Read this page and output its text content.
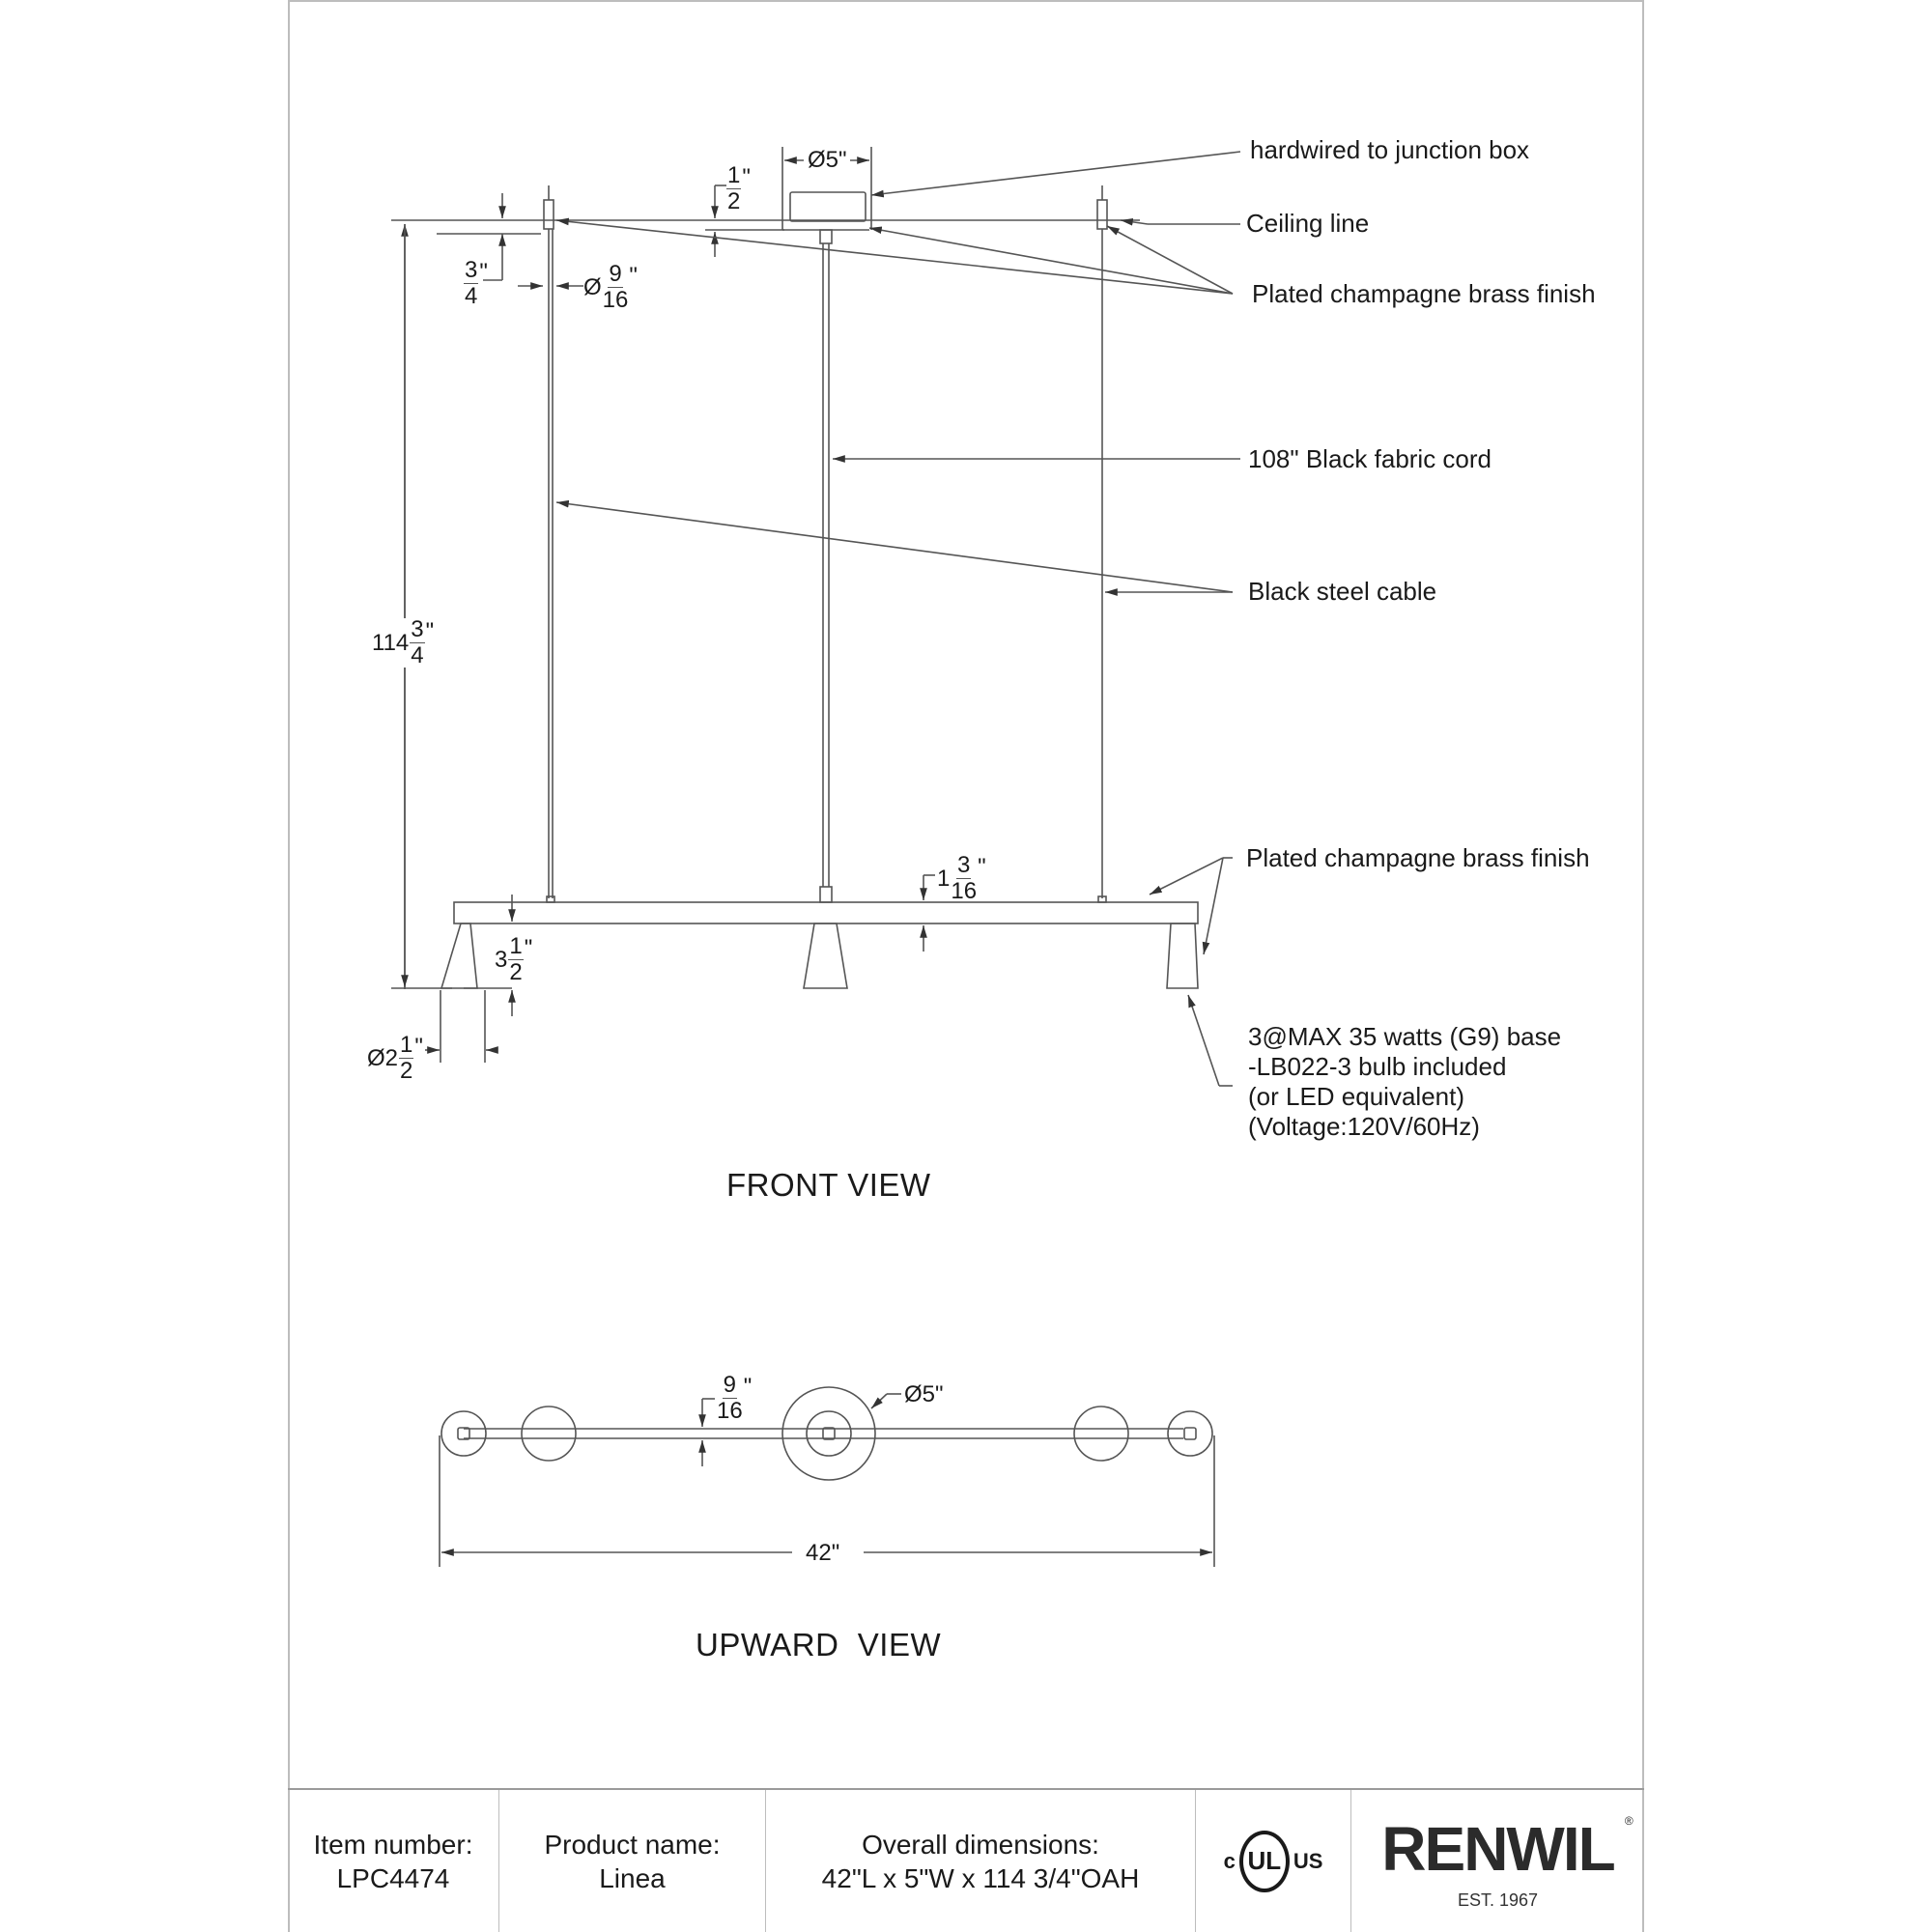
Ø5"
$\frac{1}{2}$ "
$\frac{3}{4}$ "
Ø $\frac{9}{16}$ "
$114 \frac{3}{4}$ "
$1 \frac{3}{16}$ "
$3 \frac{1}{2}$ "
Ø2 $\frac{1}{2}$ "
hardwired to junction box
Ceiling line
Plated champagne brass finish
108" Black fabric cord
Black steel cable
Plated champagne brass finish
3@MAX 35 watts (G9) base
-LB022-3 bulb included
(or LED equivalent)
(Voltage:120V/60Hz)
FRONT VIEW
$\frac{9}{16}$ "	Ø5"
42"
UPWARD  VIEW
Item number:
LPC4474
Product name:
Linea
Overall dimensions:
42"L x 5"W x 114 3/4"OAH
c UL US RENWIL ®
EST. 1967
